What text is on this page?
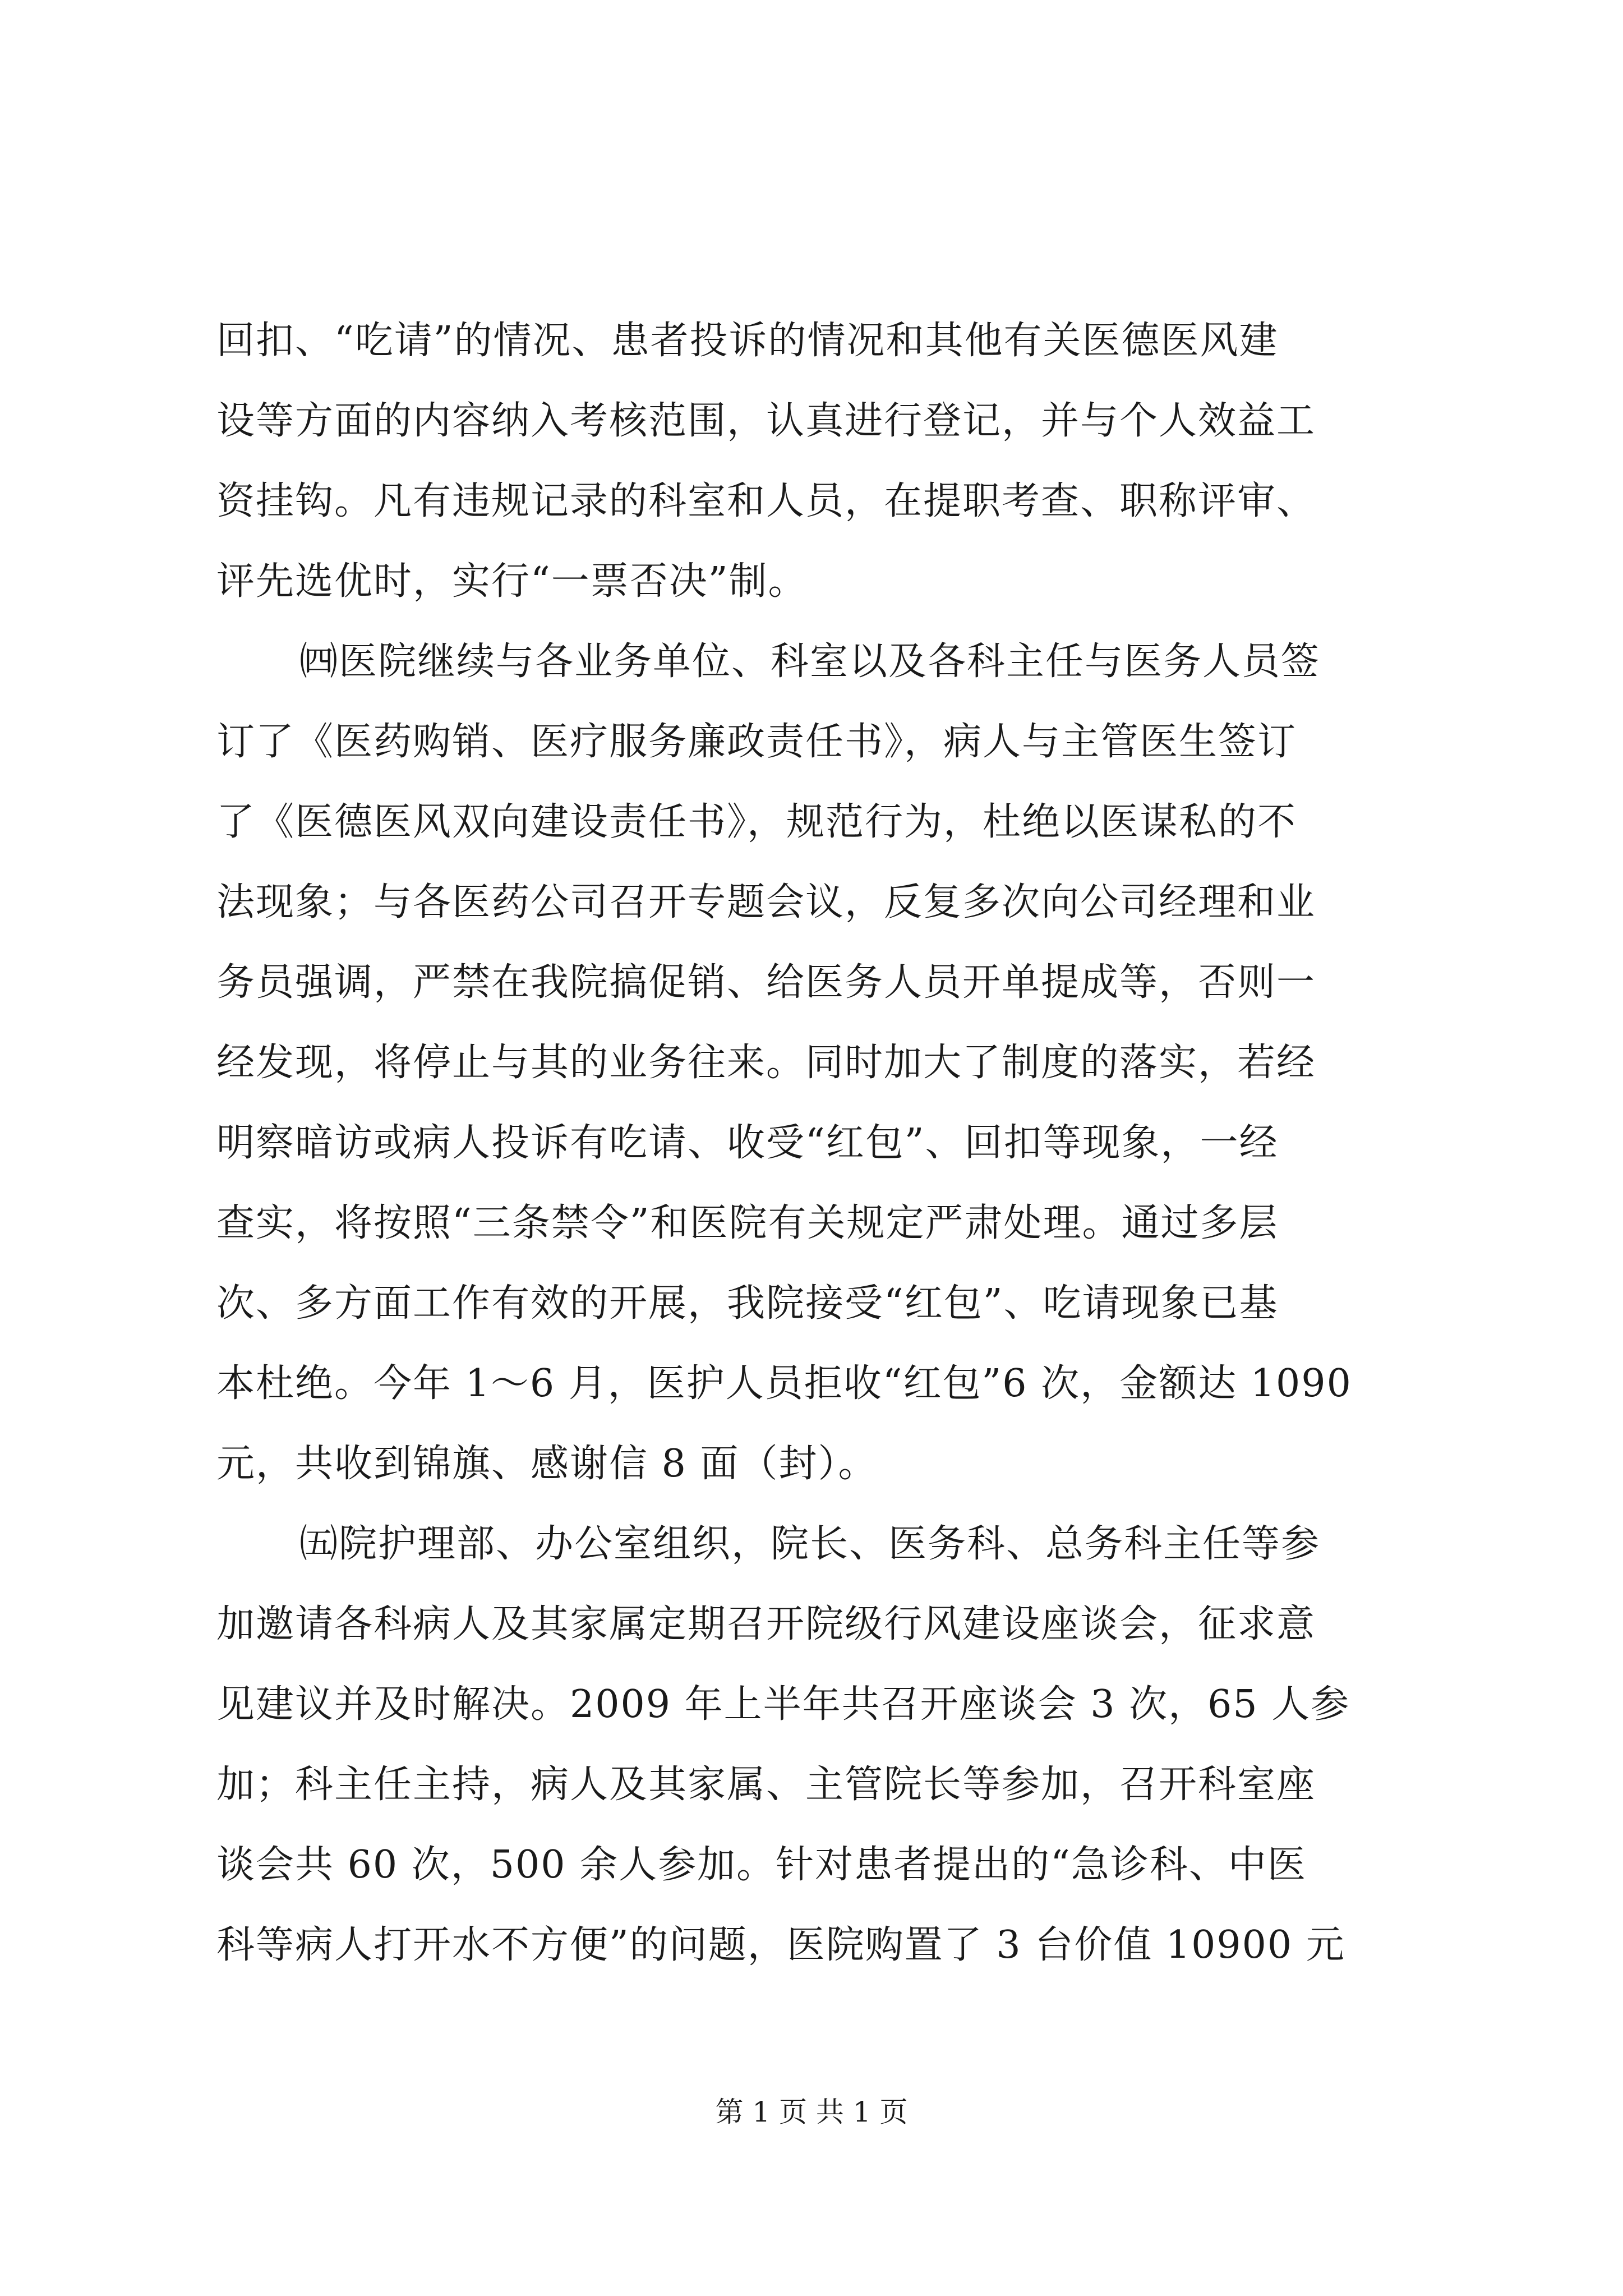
回扣、“吃请”的情况、患者投诉的情况和其他有关医德医风建
设等方面的内容纳入考核范围，认真进行登记，并与个人效益工
资挂钩。凡有违规记录的科室和人员，在提职考查、职称评审、
评先选优时，实行“一票否决”制。
㈣医院继续与各业务单位、科室以及各科主任与医务人员签
订了《医药购销、医疗服务廉政责任书》，病人与主管医生签订
了《医德医风双向建设责任书》，规范行为，杜绝以医谋私的不
法现象；与各医药公司召开专题会议，反复多次向公司经理和业
务员强调，严禁在我院搞促销、给医务人员开单提成等，否则一
经发现，将停止与其的业务往来。同时加大了制度的落实，若经
明察暗访或病人投诉有吃请、收受“红包”、回扣等现象，一经
查实，将按照“三条禁令”和医院有关规定严肃处理。通过多层
次、多方面工作有效的开展，我院接受“红包”、吃请现象已基
本杜绝。今年 1～6 月，医护人员拒收“红包”6 次，金额达 1090
元，共收到锦旗、感谢信 8 面（封）。
㈤院护理部、办公室组织，院长、医务科、总务科主任等参
加邀请各科病人及其家属定期召开院级行风建设座谈会，征求意
见建议并及时解决。2009 年上半年共召开座谈会 3 次，65 人参
加；科主任主持，病人及其家属、主管院长等参加，召开科室座
谈会共 60 次，500 余人参加。针对患者提出的“急诊科、中医
科等病人打开水不方便”的问题，医院购置了 3 台价值 10900 元
第 1 页 共 1 页
